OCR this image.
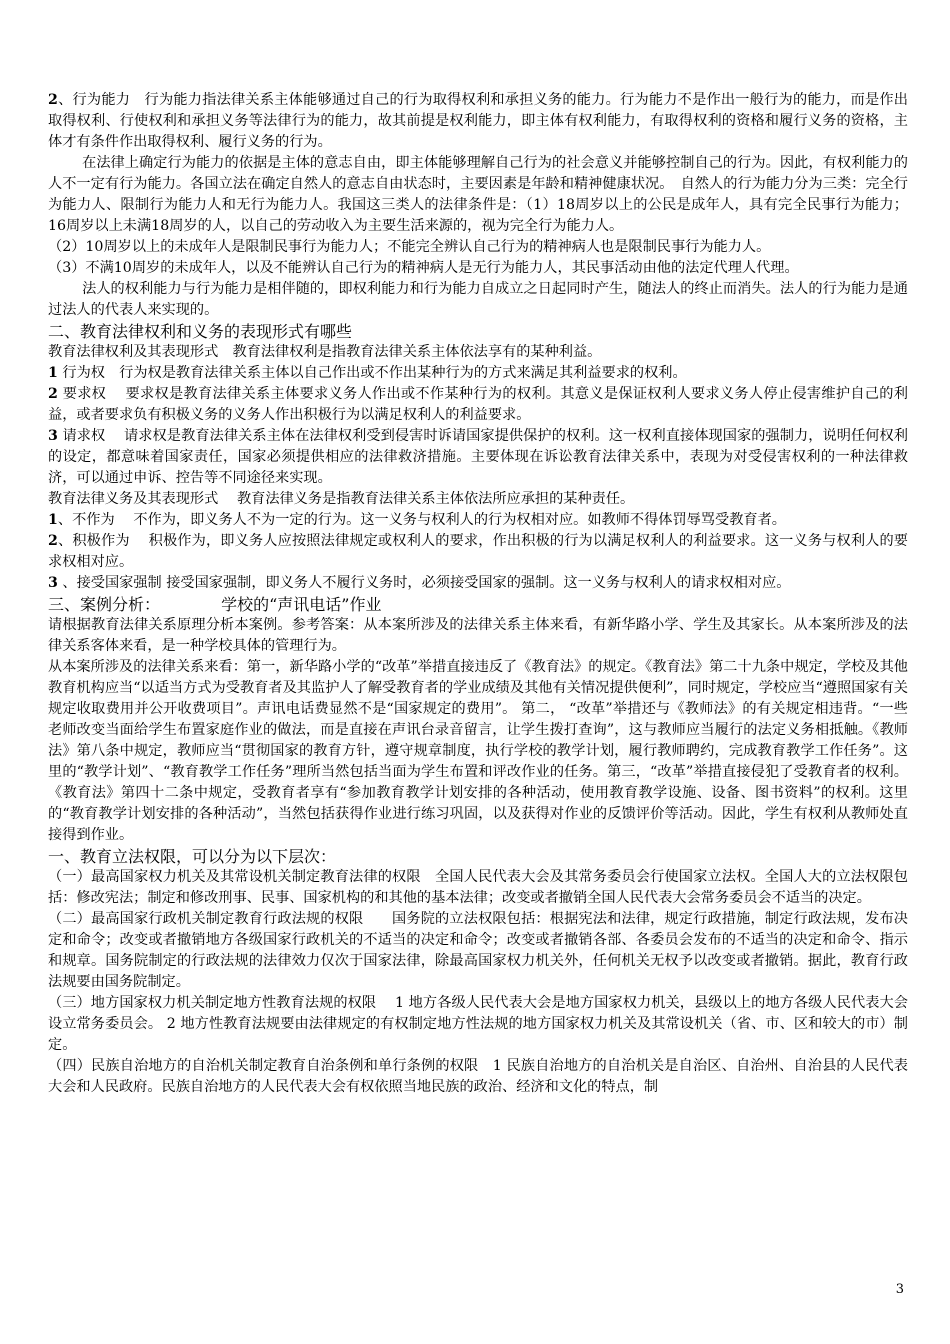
2、行为能力　行为能力指法律关系主体能够通过自己的行为取得权利和承担义务的能力。行为能力不是作出一般行为的能力，而是作出取得权利、行使权利和承担义务等法律行为的能力，故其前提是权利能力，即主体有权利能力，有取得权利的资格和履行义务的资格，主体才有条件作出取得权利、履行义务的行为。

在法律上确定行为能力的依据是主体的意志自由，即主体能够理解自己行为的社会意义并能够控制自己的行为。因此，有权利能力的人不一定有行为能力。各国立法在确定自然人的意志自由状态时，主要因素是年龄和精神健康状况。　自然人的行为能力分为三类：完全行为能力人、限制行为能力人和无行为能力人。我国这三类人的法律条件是：（1）18周岁以上的公民是成年人，具有完全民事行为能力；16周岁以上未满18周岁的人，以自己的劳动收入为主要生活来源的，视为完全行为能力人。

（2）10周岁以上的未成年人是限制民事行为能力人；不能完全辨认自己行为的精神病人也是限制民事行为能力人。

（3）不满10周岁的未成年人，以及不能辨认自己行为的精神病人是无行为能力人，其民事活动由他的法定代理人代理。

法人的权利能力与行为能力是相伴随的，即权利能力和行为能力自成立之日起同时产生，随法人的终止而消失。法人的行为能力是通过法人的代表人来实现的。

二、教育法律权利和义务的表现形式有哪些

教育法律权利及其表现形式　教育法律权利是指教育法律关系主体依法享有的某种利益。

1 行为权　行为权是教育法律关系主体以自己作出或不作出某种行为的方式来满足其利益要求的权利。

2 要求权　 要求权是教育法律关系主体要求义务人作出或不作某种行为的权利。其意义是保证权利人要求义务人停止侵害维护自己的利益，或者要求负有积极义务的义务人作出积极行为以满足权利人的利益要求。

3 请求权　 请求权是教育法律关系主体在法律权利受到侵害时诉请国家提供保护的权利。这一权利直接体现国家的强制力，说明任何权利的设定，都意味着国家责任，国家必须提供相应的法律救济措施。主要体现在诉讼教育法律关系中，表现为对受侵害权利的一种法律救济，可以通过申诉、控告等不同途径来实现。

教育法律义务及其表现形式　 教育法律义务是指教育法律关系主体依法所应承担的某种责任。

1、不作为　 不作为，即义务人不为一定的行为。这一义务与权利人的行为权相对应。如教师不得体罚辱骂受教育者。

2、积极作为　 积极作为，即义务人应按照法律规定或权利人的要求，作出积极的行为以满足权利人的利益要求。这一义务与权利人的要求权相对应。

3 、接受国家强制 接受国家强制，即义务人不履行义务时，必须接受国家的强制。这一义务与权利人的请求权相对应。

三、案例分析：　　　　 学校的“声讯电话”作业

请根据教育法律关系原理分析本案例。参考答案：从本案所涉及的法律关系主体来看，有新华路小学、学生及其家长。从本案所涉及的法律关系客体来看，是一种学校具体的管理行为。

从本案所涉及的法律关系来看：第一，新华路小学的“改革”举措直接违反了《教育法》的规定。《教育法》第二十九条中规定，学校及其他教育机构应当“以适当方式为受教育者及其监护人了解受教育者的学业成绩及其他有关情况提供便利”，同时规定，学校应当“遵照国家有关规定收取费用并公开收费项目”。声讯电话费显然不是“国家规定的费用”。 第二， “改革”举措还与《教师法》的有关规定相违背。“一些老师改变当面给学生布置家庭作业的做法，而是直接在声讯台录音留言，让学生拨打查询”，这与教师应当履行的法定义务相抵触。《教师法》第八条中规定，教师应当“贯彻国家的教育方针，遵守规章制度，执行学校的教学计划，履行教师聘约，完成教育教学工作任务”。这里的“教学计划”、“教育教学工作任务”理所当然包括当面为学生布置和评改作业的任务。第三，“改革”举措直接侵犯了受教育者的权利。《教育法》第四十二条中规定，受教育者享有“参加教育教学计划安排的各种活动，使用教育教学设施、设备、图书资料”的权利。这里的“教育教学计划安排的各种活动”，当然包括获得作业进行练习巩固，以及获得对作业的反馈评价等活动。因此，学生有权利从教师处直接得到作业。

一、教育立法权限，可以分为以下层次：

（一）最高国家权力机关及其常设机关制定教育法律的权限　全国人民代表大会及其常务委员会行使国家立法权。全国人大的立法权限包括：修改宪法；制定和修改刑事、民事、国家机构的和其他的基本法律；改变或者撤销全国人民代表大会常务委员会不适当的决定。

（二）最高国家行政机关制定教育行政法规的权限　　国务院的立法权限包括：根据宪法和法律，规定行政措施，制定行政法规，发布决定和命令；改变或者撤销地方各级国家行政机关的不适当的决定和命令；改变或者撤销各部、各委员会发布的不适当的决定和命令、指示和规章。国务院制定的行政法规的法律效力仅次于国家法律，除最高国家权力机关外，任何机关无权予以改变或者撤销。据此，教育行政法规要由国务院制定。

（三）地方国家权力机关制定地方性教育法规的权限　 1 地方各级人民代表大会是地方国家权力机关，县级以上的地方各级人民代表大会设立常务委员会。 2 地方性教育法规要由法律规定的有权制定地方性法规的地方国家权力机关及其常设机关（省、市、区和较大的市）制定。

（四）民族自治地方的自治机关制定教育自治条例和单行条例的权限　1 民族自治地方的自治机关是自治区、自治州、自治县的人民代表大会和人民政府。民族自治地方的人民代表大会有权依照当地民族的政治、经济和文化的特点，制

3
